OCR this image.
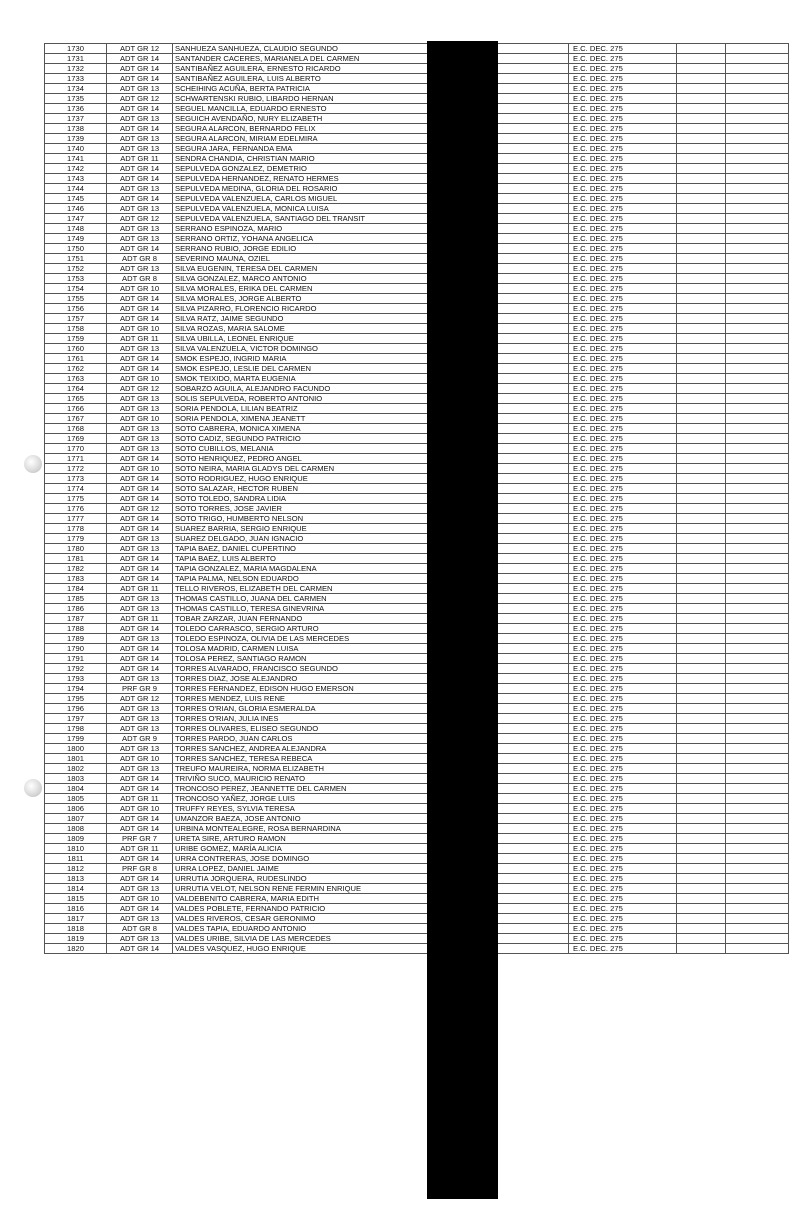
1730	ADT GR 12	SANHUEZA SANHUEZA, CLAUDIO SEGUNDO		E.C. DEC. 275		
1731	ADT GR 14	SANTANDER CACERES, MARIANELA DEL CARMEN		E.C. DEC. 275		
1732	ADT GR 14	SANTIBAÑEZ AGUILERA, ERNESTO RICARDO		E.C. DEC. 275		
1733	ADT GR 14	SANTIBAÑEZ AGUILERA, LUIS ALBERTO		E.C. DEC. 275		
1734	ADT GR 13	SCHEIHING ACUÑA, BERTA PATRICIA		E.C. DEC. 275		
1735	ADT GR 12	SCHWARTENSKI RUBIO, LIBARDO HERNAN		E.C. DEC. 275		
1736	ADT GR 14	SEGUEL MANCILLA, EDUARDO ERNESTO		E.C. DEC. 275		
1737	ADT GR 13	SEGUICH AVENDAÑO, NURY ELIZABETH		E.C. DEC. 275		
1738	ADT GR 14	SEGURA ALARCON, BERNARDO FELIX		E.C. DEC. 275		
1739	ADT GR 13	SEGURA ALARCON, MIRIAM EDELMIRA		E.C. DEC. 275		
1740	ADT GR 13	SEGURA JARA, FERNANDA EMA		E.C. DEC. 275		
1741	ADT GR 11	SENDRA CHANDIA, CHRISTIAN MARIO		E.C. DEC. 275		
1742	ADT GR 14	SEPULVEDA GONZALEZ, DEMETRIO		E.C. DEC. 275		
1743	ADT GR 14	SEPULVEDA HERNANDEZ, RENATO HERMES		E.C. DEC. 275		
1744	ADT GR 13	SEPULVEDA MEDINA, GLORIA DEL ROSARIO		E.C. DEC. 275		
1745	ADT GR 14	SEPULVEDA VALENZUELA, CARLOS MIGUEL		E.C. DEC. 275		
1746	ADT GR 13	SEPULVEDA VALENZUELA, MONICA LUISA		E.C. DEC. 275		
1747	ADT GR 12	SEPULVEDA VALENZUELA, SANTIAGO DEL TRANSIT		E.C. DEC. 275		
1748	ADT GR 13	SERRANO ESPINOZA, MARIO		E.C. DEC. 275		
1749	ADT GR 13	SERRANO ORTIZ, YOHANA ANGELICA		E.C. DEC. 275		
1750	ADT GR 14	SERRANO RUBIO, JORGE EDILIO		E.C. DEC. 275		
1751	ADT GR 8	SEVERINO MAUNA, OZIEL		E.C. DEC. 275		
1752	ADT GR 13	SILVA EUGENIN, TERESA DEL CARMEN		E.C. DEC. 275		
1753	ADT GR 8	SILVA GONZALEZ, MARCO ANTONIO		E.C. DEC. 275		
1754	ADT GR 10	SILVA MORALES, ERIKA DEL CARMEN		E.C. DEC. 275		
1755	ADT GR 14	SILVA MORALES, JORGE ALBERTO		E.C. DEC. 275		
1756	ADT GR 14	SILVA PIZARRO, FLORENCIO RICARDO		E.C. DEC. 275		
1757	ADT GR 14	SILVA RATZ, JAIME SEGUNDO		E.C. DEC. 275		
1758	ADT GR 10	SILVA ROZAS, MARIA SALOME		E.C. DEC. 275		
1759	ADT GR 11	SILVA UBILLA, LEONEL ENRIQUE		E.C. DEC. 275		
1760	ADT GR 13	SILVA VALENZUELA, VICTOR DOMINGO		E.C. DEC. 275		
1761	ADT GR 14	SMOK ESPEJO, INGRID MARIA		E.C. DEC. 275		
1762	ADT GR 14	SMOK ESPEJO, LESLIE DEL CARMEN		E.C. DEC. 275		
1763	ADT GR 10	SMOK TEIXIDO, MARTA EUGENIA		E.C. DEC. 275		
1764	ADT GR 12	SOBARZO AGUILA, ALEJANDRO FACUNDO		E.C. DEC. 275		
1765	ADT GR 13	SOLIS SEPULVEDA, ROBERTO ANTONIO		E.C. DEC. 275		
1766	ADT GR 13	SORIA PENDOLA, LILIAN BEATRIZ		E.C. DEC. 275		
1767	ADT GR 10	SORIA PENDOLA, XIMENA JEANETT		E.C. DEC. 275		
1768	ADT GR 13	SOTO CABRERA, MONICA XIMENA		E.C. DEC. 275		
1769	ADT GR 13	SOTO CADIZ, SEGUNDO PATRICIO		E.C. DEC. 275		
1770	ADT GR 13	SOTO CUBILLOS, MELANIA		E.C. DEC. 275		
1771	ADT GR 14	SOTO HENRIQUEZ, PEDRO ANGEL		E.C. DEC. 275		
1772	ADT GR 10	SOTO NEIRA, MARIA GLADYS DEL CARMEN		E.C. DEC. 275		
1773	ADT GR 14	SOTO RODRIGUEZ, HUGO ENRIQUE		E.C. DEC. 275		
1774	ADT GR 14	SOTO SALAZAR, HECTOR RUBEN		E.C. DEC. 275		
1775	ADT GR 14	SOTO TOLEDO, SANDRA LIDIA		E.C. DEC. 275		
1776	ADT GR 12	SOTO TORRES, JOSE JAVIER		E.C. DEC. 275		
1777	ADT GR 14	SOTO TRIGO, HUMBERTO NELSON		E.C. DEC. 275		
1778	ADT GR 14	SUAREZ BARRIA, SERGIO ENRIQUE		E.C. DEC. 275		
1779	ADT GR 13	SUAREZ DELGADO, JUAN IGNACIO		E.C. DEC. 275		
1780	ADT GR 13	TAPIA BAEZ, DANIEL CUPERTINO		E.C. DEC. 275		
1781	ADT GR 14	TAPIA BAEZ, LUIS ALBERTO		E.C. DEC. 275		
1782	ADT GR 14	TAPIA GONZALEZ, MARIA MAGDALENA		E.C. DEC. 275		
1783	ADT GR 14	TAPIA PALMA, NELSON EDUARDO		E.C. DEC. 275		
1784	ADT GR 11	TELLO RIVEROS, ELIZABETH DEL CARMEN		E.C. DEC. 275		
1785	ADT GR 13	THOMAS CASTILLO, JUANA DEL CARMEN		E.C. DEC. 275		
1786	ADT GR 13	THOMAS CASTILLO, TERESA GINEVRINA		E.C. DEC. 275		
1787	ADT GR 11	TOBAR ZARZAR, JUAN FERNANDO		E.C. DEC. 275		
1788	ADT GR 14	TOLEDO CARRASCO, SERGIO ARTURO		E.C. DEC. 275		
1789	ADT GR 13	TOLEDO ESPINOZA, OLIVIA DE LAS MERCEDES		E.C. DEC. 275		
1790	ADT GR 14	TOLOSA MADRID, CARMEN LUISA		E.C. DEC. 275		
1791	ADT GR 14	TOLOSA PEREZ, SANTIAGO RAMON		E.C. DEC. 275		
1792	ADT GR 14	TORRES ALVARADO, FRANCISCO SEGUNDO		E.C. DEC. 275		
1793	ADT GR 13	TORRES DIAZ, JOSE ALEJANDRO		E.C. DEC. 275		
1794	PRF GR 9	TORRES FERNANDEZ, EDISON HUGO EMERSON		E.C. DEC. 275		
1795	ADT GR 12	TORRES MENDEZ, LUIS RENE		E.C. DEC. 275		
1796	ADT GR 13	TORRES O'RIAN, GLORIA ESMERALDA		E.C. DEC. 275		
1797	ADT GR 13	TORRES O'RIAN, JULIA INES		E.C. DEC. 275		
1798	ADT GR 13	TORRES OLIVARES, ELISEO SEGUNDO		E.C. DEC. 275		
1799	ADT GR 9	TORRES PARDO, JUAN CARLOS		E.C. DEC. 275		
1800	ADT GR 13	TORRES SANCHEZ, ANDREA ALEJANDRA		E.C. DEC. 275		
1801	ADT GR 10	TORRES SANCHEZ, TERESA REBECA		E.C. DEC. 275		
1802	ADT GR 13	TREUFO MAUREIRA, NORMA ELIZABETH		E.C. DEC. 275		
1803	ADT GR 14	TRIVIÑO SUCO, MAURICIO RENATO		E.C. DEC. 275		
1804	ADT GR 14	TRONCOSO PEREZ, JEANNETTE DEL CARMEN		E.C. DEC. 275		
1805	ADT GR 11	TRONCOSO YAÑEZ, JORGE LUIS		E.C. DEC. 275		
1806	ADT GR 10	TRUFFY REYES, SYLVIA TERESA		E.C. DEC. 275		
1807	ADT GR 14	UMANZOR BAEZA, JOSE ANTONIO		E.C. DEC. 275		
1808	ADT GR 14	URBINA MONTEALEGRE, ROSA BERNARDINA		E.C. DEC. 275		
1809	PRF GR 7	URETA SIRE, ARTURO RAMON		E.C. DEC. 275		
1810	ADT GR 11	URIBE GOMEZ, MARÍA ALICIA		E.C. DEC. 275		
1811	ADT GR 14	URRA CONTRERAS, JOSE DOMINGO		E.C. DEC. 275		
1812	PRF GR 8	URRA LOPEZ, DANIEL JAIME		E.C. DEC. 275		
1813	ADT GR 14	URRUTIA JORQUERA, RUDESLINDO		E.C. DEC. 275		
1814	ADT GR 13	URRUTIA VELOT, NELSON RENE FERMIN ENRIQUE		E.C. DEC. 275		
1815	ADT GR 10	VALDEBENITO CABRERA, MARIA EDITH		E.C. DEC. 275		
1816	ADT GR 14	VALDES POBLETE, FERNANDO PATRICIO		E.C. DEC. 275		
1817	ADT GR 13	VALDES RIVEROS, CESAR GERONIMO		E.C. DEC. 275		
1818	ADT GR 8	VALDES TAPIA, EDUARDO ANTONIO		E.C. DEC. 275		
1819	ADT GR 13	VALDES URIBE, SILVIA DE LAS MERCEDES		E.C. DEC. 275		
1820	ADT GR 14	VALDES VASQUEZ, HUGO ENRIQUE		E.C. DEC. 275		
